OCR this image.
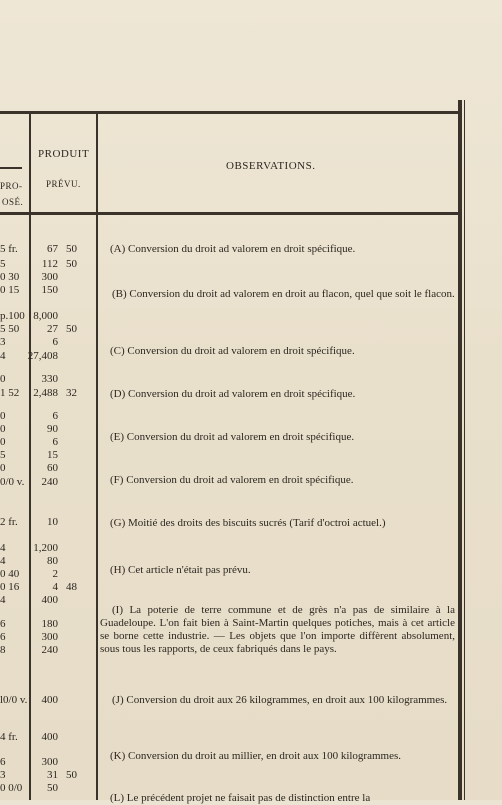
PRO-
OSÉ.
PRODUIT
PRÉVU.
OBSERVATIONS.
5 fr.
5
0 30
0 15
p.100
5 50
3
4
0
1 52
0
0
0
5
0
0/0 v.
2 fr.
4
4
0 40
0 16
4
6
6
8
l0/0 v.
4 fr.
6
3
0 0/0
67 50
112 50
300
150
8,000
27 50
6
27,408
330
2,488 32
6
90
6
15
60
240
10
1,200
80
2
4 48
400
180
300
240
400
400
300
31 50
50
(A) Conversion du droit ad valorem en droit spécifique.
(B) Conversion du droit ad valorem en droit au flacon, quel que soit le flacon.
(C) Conversion du droit ad valorem en droit spécifique.
(D) Conversion du droit ad valorem en droit spécifique.
(E) Conversion du droit ad valorem en droit spécifique.
(F) Conversion du droit ad valorem en droit spécifique.
(G) Moitié des droits des biscuits sucrés (Tarif d'octroi actuel.)
(H) Cet article n'était pas prévu.
(I) La poterie de terre commune et de grès n'a pas de similaire à la Guadeloupe. L'on fait bien à Saint-Martin quelques potiches, mais à cet article se borne cette industrie. — Les objets que l'on importe diffèrent absolument, sous tous les rapports, de ceux fabriqués dans le pays.
(J) Conversion du droit aux 26 kilogrammes, en droit aux 100 kilogrammes.
(K) Conversion du droit au millier, en droit aux 100 kilogrammes.
(L) Le précédent projet ne faisait pas de distinction entre la
